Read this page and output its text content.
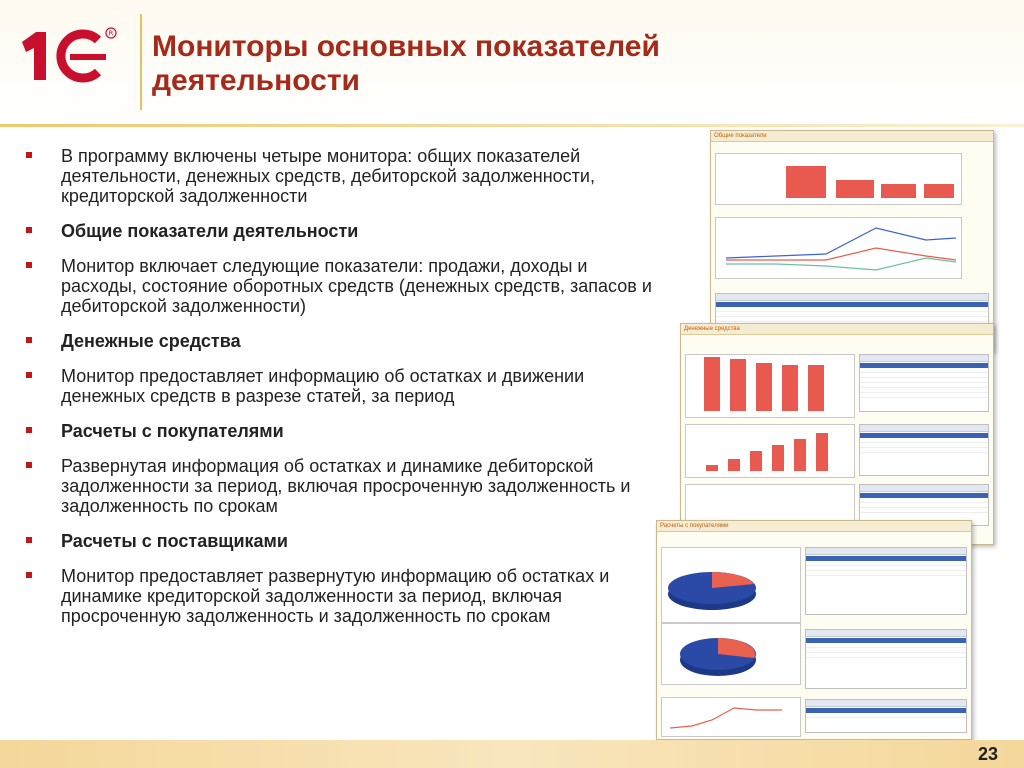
R Мониторы основных показателей
деятельности
В программу включены четыре монитора: общих показателей деятельности, денежных средств, дебиторской задолженности, кредиторской задолженности
Общие показатели деятельности
Монитор включает следующие показатели: продажи, доходы и расходы, состояние оборотных средств (денежных средств, запасов и дебиторской задолженности)
Денежные средства
Монитор предоставляет информацию об остатках и движении денежных средств в разрезе статей, за период
Расчеты с покупателями
Развернутая информация об остатках и динамике дебиторской задолженности за период, включая просроченную задолженность и задолженность по срокам
Расчеты с поставщиками
Монитор предоставляет развернутую информацию об остатках и динамике кредиторской задолженности за период, включая просроченную задолженность и задолженность по срокам
Общие показатели
Денежные средства
Расчеты с покупателями
23
